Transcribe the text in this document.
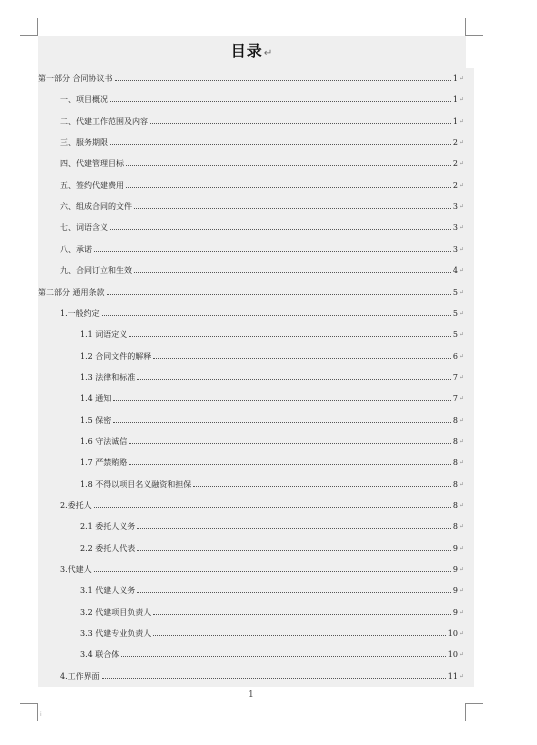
目录↵
第一部分 合同协议书	1 ↵
一、项目概况	1 ↵
二、代建工作范围及内容	1 ↵
三、服务期限	2 ↵
四、代建管理目标	2 ↵
五、签约代建费用	2 ↵
六、组成合同的文件	3 ↵
七、词语含义	3 ↵
八、承诺	3 ↵
九、合同订立和生效	4 ↵
第二部分 通用条款	5 ↵
1.一般约定	5 ↵
1.1 词语定义	5 ↵
1.2 合同文件的解释	6 ↵
1.3 法律和标准	7 ↵
1.4 通知	7 ↵
1.5 保密	8 ↵
1.6 守法诚信	8 ↵
1.7 严禁贿赂	8 ↵
1.8 不得以项目名义融资和担保	8 ↵
2.委托人	8 ↵
2.1 委托人义务	8 ↵
2.2 委托人代表	9 ↵
3.代建人	9 ↵
3.1 代建人义务	9 ↵
3.2 代建项目负责人	9 ↵
3.3 代建专业负责人	10 ↵
3.4 联合体	10 ↵
4.工作界面	11 ↵
1
⁞
